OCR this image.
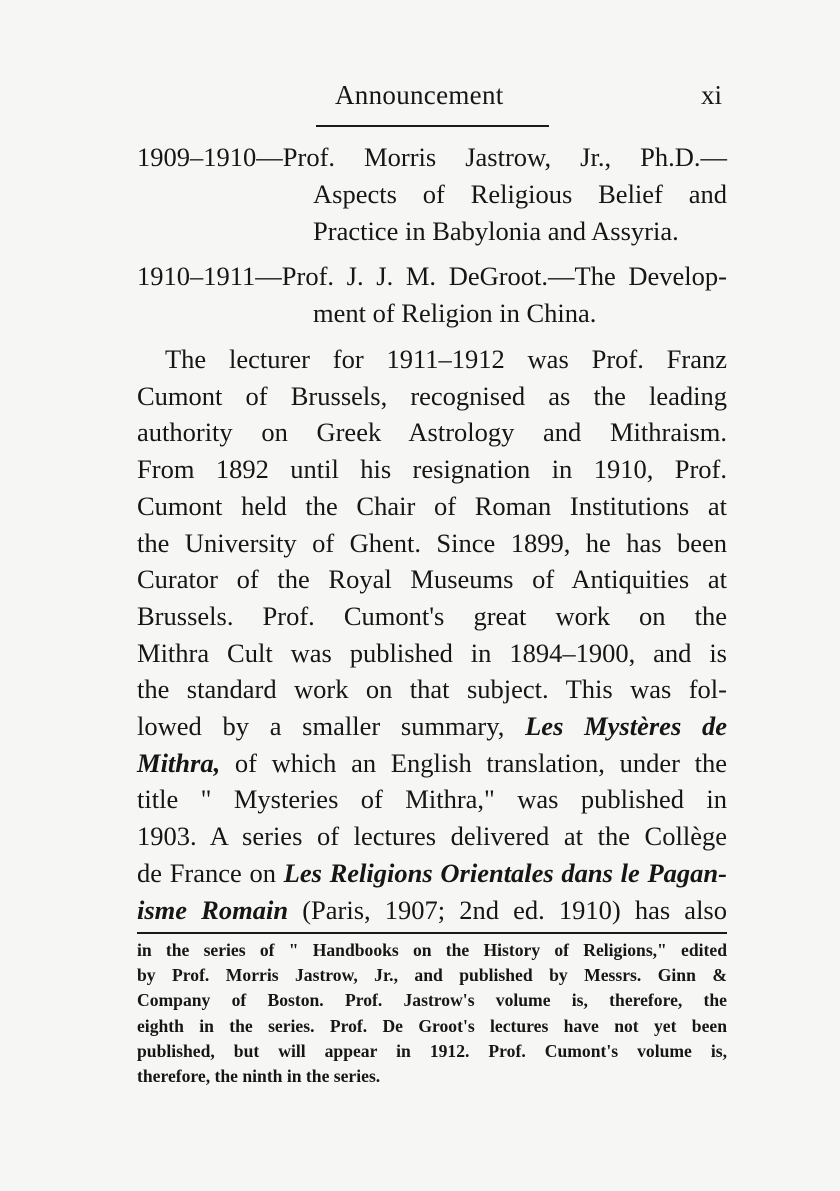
Announcement	xi
1909–1910—Prof. Morris Jastrow, Jr., Ph.D.—
Aspects of Religious Belief and
Practice in Babylonia and Assyria.
1910–1911—Prof. J. J. M. DeGroot.—The Develop-
ment of Religion in China.
The lecturer for 1911–1912 was Prof. Franz
Cumont of Brussels, recognised as the leading
authority on Greek Astrology and Mithraism.
From 1892 until his resignation in 1910, Prof.
Cumont held the Chair of Roman Institutions at
the University of Ghent. Since 1899, he has been
Curator of the Royal Museums of Antiquities at
Brussels. Prof. Cumont's great work on the
Mithra Cult was published in 1894–1900, and is
the standard work on that subject. This was fol-
lowed by a smaller summary, Les Mystères de
Mithra, of which an English translation, under the
title " Mysteries of Mithra," was published in
1903. A series of lectures delivered at the Collège
de France on Les Religions Orientales dans le Pagan-
isme Romain (Paris, 1907; 2nd ed. 1910) has also
in the series of " Handbooks on the History of Religions," edited
by Prof. Morris Jastrow, Jr., and published by Messrs. Ginn &
Company of Boston. Prof. Jastrow's volume is, therefore, the
eighth in the series. Prof. De Groot's lectures have not yet been
published, but will appear in 1912. Prof. Cumont's volume is,
therefore, the ninth in the series.
